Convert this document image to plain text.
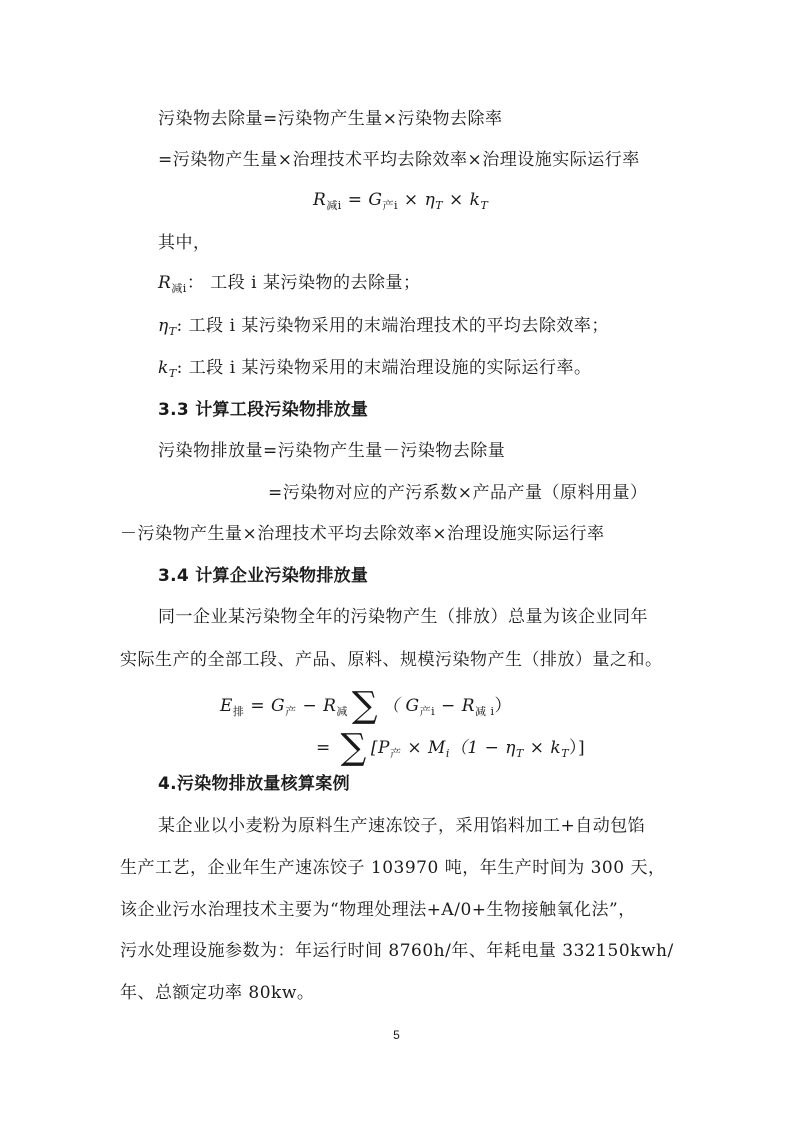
污染物去除量=污染物产生量×污染物去除率
=污染物产生量×治理技术平均去除效率×治理设施实际运行率
$R_{减i} = G_{产i} \times \eta_T \times k_T$
其中，
$R_{减i}$： 工段 i 某污染物的去除量；
$\eta_T$: 工段 i 某污染物采用的末端治理技术的平均去除效率；
$k_T$: 工段 i 某污染物采用的末端治理设施的实际运行率。
3.3 计算工段污染物排放量
污染物排放量=污染物产生量－污染物去除量
=污染物对应的产污系数×产品产量（原料用量）
－污染物产生量×治理技术平均去除效率×治理设施实际运行率
3.4 计算企业污染物排放量
同一企业某污染物全年的污染物产生（排放）总量为该企业同年
实际生产的全部工段、产品、原料、规模污染物产生（排放）量之和。
$E_排 = G_产 - R_减$ ∑ （ $G_{产i} - R_{减 i}$）
= ∑ $[P_产 \times M_i(1 - \eta_T \times k_T)]$
4.污染物排放量核算案例
某企业以小麦粉为原料生产速冻饺子，采用馅料加工+自动包馅
生产工艺，企业年生产速冻饺子 103970 吨，年生产时间为 300 天，
该企业污水治理技术主要为“物理处理法+A/0+生物接触氧化法”，
污水处理设施参数为：年运行时间 8760h/年、年耗电量 332150kwh/
年、总额定功率 80kw。
5
